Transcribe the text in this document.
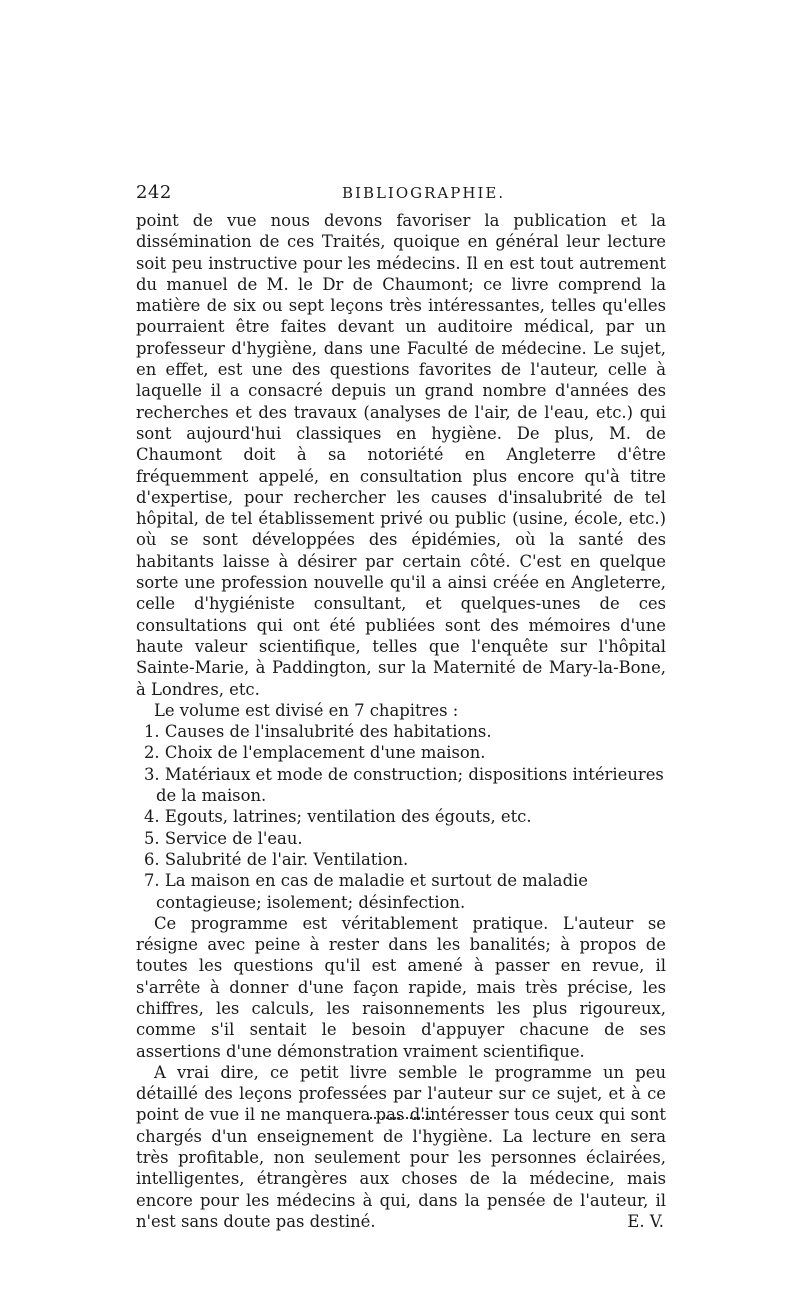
242	BIBLIOGRAPHIE.

point de vue nous devons favoriser la publication et la dissémination de ces Traités, quoique en général leur lecture soit peu instructive pour les médecins. Il en est tout autrement du manuel de M. le Dr de Chaumont; ce livre comprend la matière de six ou sept leçons très intéressantes, telles qu'elles pourraient être faites devant un auditoire médical, par un professeur d'hygiène, dans une Faculté de médecine. Le sujet, en effet, est une des questions favorites de l'auteur, celle à laquelle il a consacré depuis un grand nombre d'années des recherches et des travaux (analyses de l'air, de l'eau, etc.) qui sont aujourd'hui classiques en hygiène. De plus, M. de Chaumont doit à sa notoriété en Angleterre d'être fréquemment appelé, en consultation plus encore qu'à titre d'expertise, pour rechercher les causes d'insalubrité de tel hôpital, de tel établissement privé ou public (usine, école, etc.) où se sont développées des épidémies, où la santé des habitants laisse à désirer par certain côté. C'est en quelque sorte une profession nouvelle qu'il a ainsi créée en Angleterre, celle d'hygiéniste consultant, et quelques-unes de ces consultations qui ont été publiées sont des mémoires d'une haute valeur scientifique, telles que l'enquête sur l'hôpital Sainte-Marie, à Paddington, sur la Maternité de Mary-la-Bone, à Londres, etc.

Le volume est divisé en 7 chapitres :

1. Causes de l'insalubrité des habitations.

2. Choix de l'emplacement d'une maison.

3. Matériaux et mode de construction; dispositions intérieures de la maison.

4. Egouts, latrines; ventilation des égouts, etc.

5. Service de l'eau.

6. Salubrité de l'air. Ventilation.

7. La maison en cas de maladie et surtout de maladie contagieuse; isolement; désinfection.

Ce programme est véritablement pratique. L'auteur se résigne avec peine à rester dans les banalités; à propos de toutes les questions qu'il est amené à passer en revue, il s'arrête à donner d'une façon rapide, mais très précise, les chiffres, les calculs, les raisonnements les plus rigoureux, comme s'il sentait le besoin d'appuyer chacune de ses assertions d'une démonstration vraiment scientifique.

A vrai dire, ce petit livre semble le programme un peu détaillé des leçons professées par l'auteur sur ce sujet, et à ce point de vue il ne manquera pas d'intéresser tous ceux qui sont chargés d'un enseignement de l'hygiène. La lecture en sera très profitable, non seulement pour les personnes éclairées, intelligentes, étrangères aux choses de la médecine, mais encore pour les médecins à qui, dans la pensée de l'auteur, il n'est sans doute pas destiné.	E. V.
